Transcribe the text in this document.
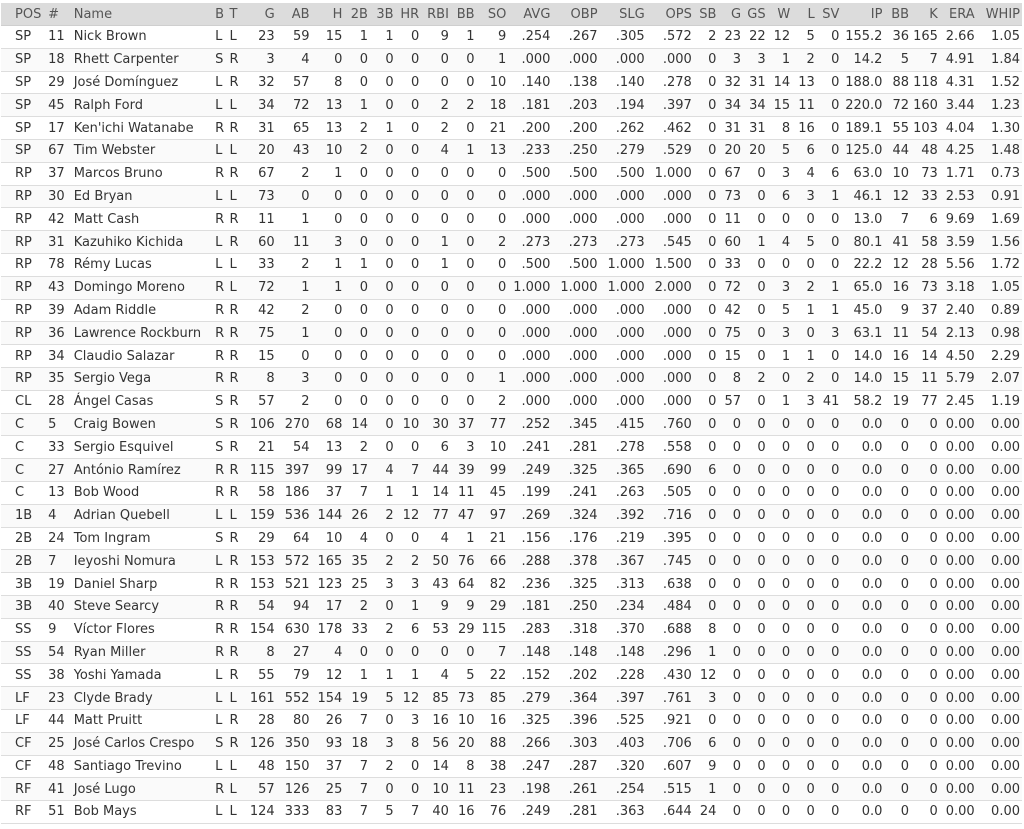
POS	#	Name	B	T	G	AB	H	2B	3B	HR	RBI	BB	SO	AVG	OBP	SLG	OPS	SB	G	GS	W	L	SV	IP	BB	K	ERA	WHIP
SP	11	Nick Brown	L	L	23	59	15	1	1	0	9	1	9	.254	.267	.305	.572	2	23	22	12	5	0	155.2	36	165	2.66	1.05
SP	18	Rhett Carpenter	S	R	3	4	0	0	0	0	0	0	1	.000	.000	.000	.000	0	3	3	1	2	0	14.2	5	7	4.91	1.84
SP	29	José Domínguez	L	R	32	57	8	0	0	0	0	0	10	.140	.138	.140	.278	0	32	31	14	13	0	188.0	88	118	4.31	1.52
SP	45	Ralph Ford	L	L	34	72	13	1	0	0	2	2	18	.181	.203	.194	.397	0	34	34	15	11	0	220.0	72	160	3.44	1.23
SP	17	Ken'ichi Watanabe	R	R	31	65	13	2	1	0	2	0	21	.200	.200	.262	.462	0	31	31	8	16	0	189.1	55	103	4.04	1.30
SP	67	Tim Webster	L	L	20	43	10	2	0	0	4	1	13	.233	.250	.279	.529	0	20	20	5	6	0	125.0	44	48	4.25	1.48
RP	37	Marcos Bruno	R	R	67	2	1	0	0	0	0	0	0	.500	.500	.500	1.000	0	67	0	3	4	6	63.0	10	73	1.71	0.73
RP	30	Ed Bryan	L	L	73	0	0	0	0	0	0	0	0	.000	.000	.000	.000	0	73	0	6	3	1	46.1	12	33	2.53	0.91
RP	42	Matt Cash	R	R	11	1	0	0	0	0	0	0	0	.000	.000	.000	.000	0	11	0	0	0	0	13.0	7	6	9.69	1.69
RP	31	Kazuhiko Kichida	L	R	60	11	3	0	0	0	1	0	2	.273	.273	.273	.545	0	60	1	4	5	0	80.1	41	58	3.59	1.56
RP	78	Rémy Lucas	L	L	33	2	1	1	0	0	1	0	0	.500	.500	1.000	1.500	0	33	0	0	0	0	22.2	12	28	5.56	1.72
RP	43	Domingo Moreno	R	L	72	1	1	0	0	0	0	0	0	1.000	1.000	1.000	2.000	0	72	0	3	2	1	65.0	16	73	3.18	1.05
RP	39	Adam Riddle	R	R	42	2	0	0	0	0	0	0	0	.000	.000	.000	.000	0	42	0	5	1	1	45.0	9	37	2.40	0.89
RP	36	Lawrence Rockburn	R	R	75	1	0	0	0	0	0	0	0	.000	.000	.000	.000	0	75	0	3	0	3	63.1	11	54	2.13	0.98
RP	34	Claudio Salazar	R	R	15	0	0	0	0	0	0	0	0	.000	.000	.000	.000	0	15	0	1	1	0	14.0	16	14	4.50	2.29
RP	35	Sergio Vega	R	R	8	3	0	0	0	0	0	0	1	.000	.000	.000	.000	0	8	2	0	2	0	14.0	15	11	5.79	2.07
CL	28	Ángel Casas	S	R	57	2	0	0	0	0	0	0	2	.000	.000	.000	.000	0	57	0	1	3	41	58.2	19	77	2.45	1.19
C	5	Craig Bowen	S	R	106	270	68	14	0	10	30	37	77	.252	.345	.415	.760	0	0	0	0	0	0	0.0	0	0	0.00	0.00
C	33	Sergio Esquivel	S	R	21	54	13	2	0	0	6	3	10	.241	.281	.278	.558	0	0	0	0	0	0	0.0	0	0	0.00	0.00
C	27	António Ramírez	R	R	115	397	99	17	4	7	44	39	99	.249	.325	.365	.690	6	0	0	0	0	0	0.0	0	0	0.00	0.00
C	13	Bob Wood	R	R	58	186	37	7	1	1	14	11	45	.199	.241	.263	.505	0	0	0	0	0	0	0.0	0	0	0.00	0.00
1B	4	Adrian Quebell	L	L	159	536	144	26	2	12	77	47	97	.269	.324	.392	.716	0	0	0	0	0	0	0.0	0	0	0.00	0.00
2B	24	Tom Ingram	S	R	29	64	10	4	0	0	4	1	21	.156	.176	.219	.395	0	0	0	0	0	0	0.0	0	0	0.00	0.00
2B	7	Ieyoshi Nomura	L	R	153	572	165	35	2	2	50	76	66	.288	.378	.367	.745	0	0	0	0	0	0	0.0	0	0	0.00	0.00
3B	19	Daniel Sharp	R	R	153	521	123	25	3	3	43	64	82	.236	.325	.313	.638	0	0	0	0	0	0	0.0	0	0	0.00	0.00
3B	40	Steve Searcy	R	R	54	94	17	2	0	1	9	9	29	.181	.250	.234	.484	0	0	0	0	0	0	0.0	0	0	0.00	0.00
SS	9	Víctor Flores	R	R	154	630	178	33	2	6	53	29	115	.283	.318	.370	.688	8	0	0	0	0	0	0.0	0	0	0.00	0.00
SS	54	Ryan Miller	R	R	8	27	4	0	0	0	0	0	7	.148	.148	.148	.296	1	0	0	0	0	0	0.0	0	0	0.00	0.00
SS	38	Yoshi Yamada	L	R	55	79	12	1	1	1	4	5	22	.152	.202	.228	.430	12	0	0	0	0	0	0.0	0	0	0.00	0.00
LF	23	Clyde Brady	L	L	161	552	154	19	5	12	85	73	85	.279	.364	.397	.761	3	0	0	0	0	0	0.0	0	0	0.00	0.00
LF	44	Matt Pruitt	L	R	28	80	26	7	0	3	16	10	16	.325	.396	.525	.921	0	0	0	0	0	0	0.0	0	0	0.00	0.00
CF	25	José Carlos Crespo	S	R	126	350	93	18	3	8	56	20	88	.266	.303	.403	.706	6	0	0	0	0	0	0.0	0	0	0.00	0.00
CF	48	Santiago Trevino	L	L	48	150	37	7	2	0	14	8	38	.247	.287	.320	.607	9	0	0	0	0	0	0.0	0	0	0.00	0.00
RF	41	José Lugo	R	L	57	126	25	7	0	0	10	11	23	.198	.261	.254	.515	1	0	0	0	0	0	0.0	0	0	0.00	0.00
RF	51	Bob Mays	L	L	124	333	83	7	5	7	40	16	76	.249	.281	.363	.644	24	0	0	0	0	0	0.0	0	0	0.00	0.00
